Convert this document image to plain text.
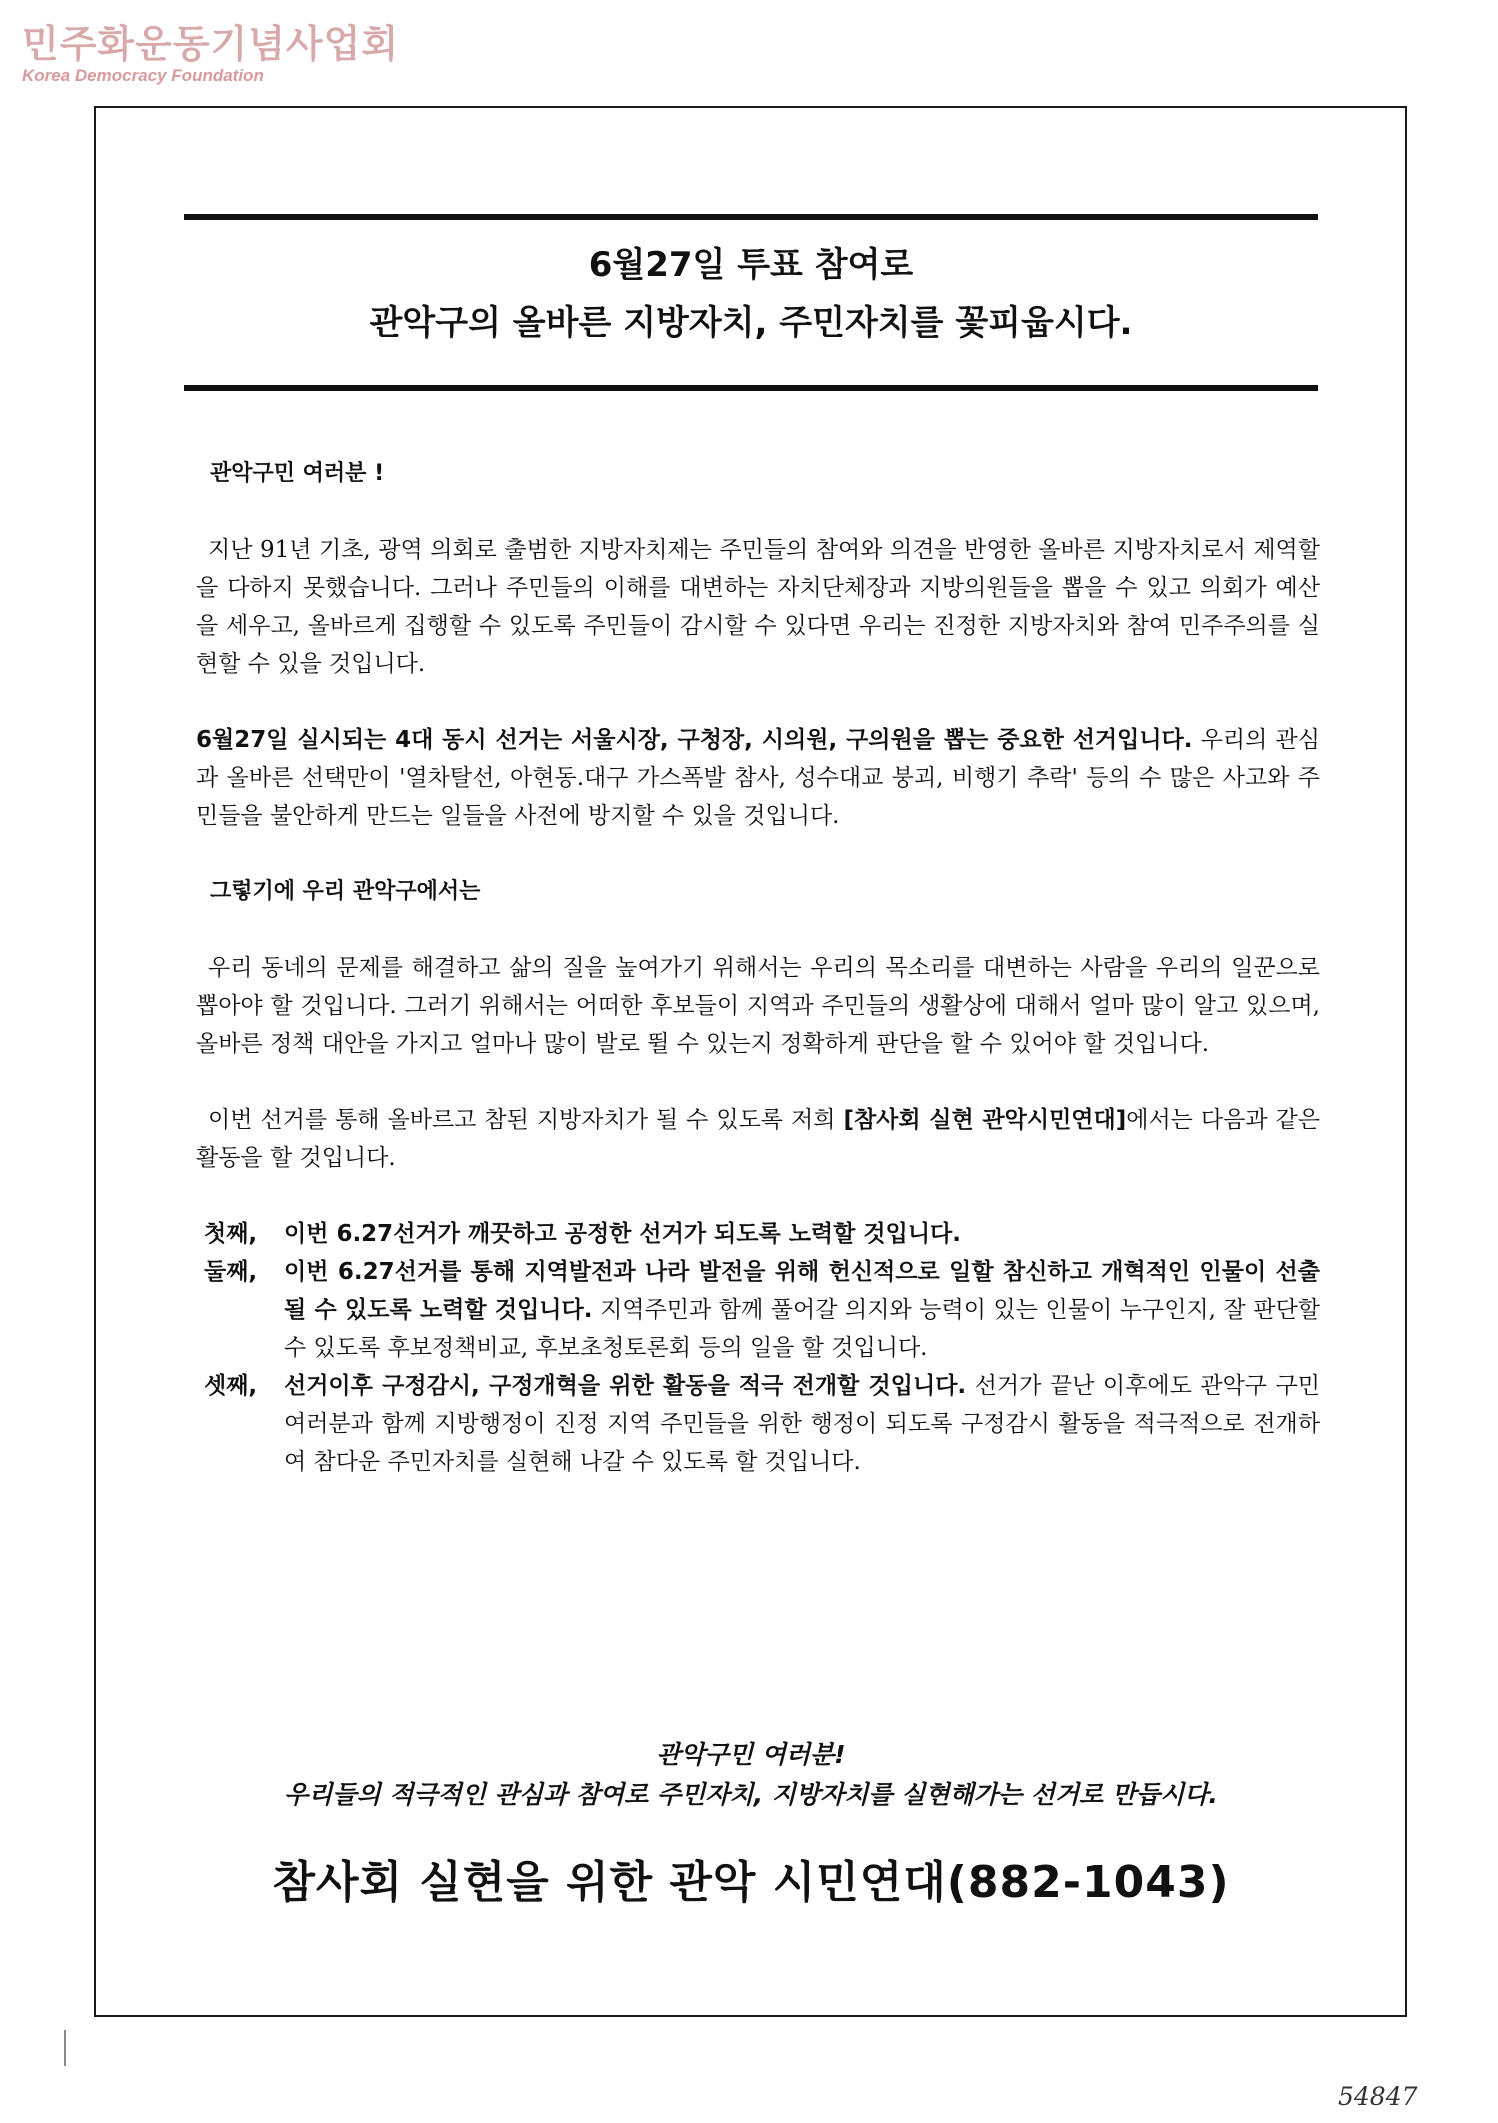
민주화운동기념사업회
Korea Democracy Foundation
6월27일 투표 참여로
관악구의 올바른 지방자치, 주민자치를 꽃피웁시다.

관악구민 여러분 !

지난 91년 기초, 광역 의회로 출범한 지방자치제는 주민들의 참여와 의견을 반영한 올바른 지방자치로서 제역할을 다하지 못했습니다. 그러나 주민들의 이해를 대변하는 자치단체장과 지방의원들을 뽑을 수 있고 의회가 예산을 세우고, 올바르게 집행할 수 있도록 주민들이 감시할 수 있다면 우리는 진정한 지방자치와 참여 민주주의를 실현할 수 있을 것입니다.

6월27일 실시되는 4대 동시 선거는 서울시장, 구청장, 시의원, 구의원을 뽑는 중요한 선거입니다. 우리의 관심과 올바른 선택만이 '열차탈선, 아현동.대구 가스폭발 참사, 성수대교 붕괴, 비행기 추락' 등의 수 많은 사고와 주민들을 불안하게 만드는 일들을 사전에 방지할 수 있을 것입니다.

그렇기에 우리 관악구에서는

우리 동네의 문제를 해결하고 삶의 질을 높여가기 위해서는 우리의 목소리를 대변하는 사람을 우리의 일꾼으로 뽑아야 할 것입니다. 그러기 위해서는 어떠한 후보들이 지역과 주민들의 생활상에 대해서 얼마 많이 알고 있으며, 올바른 정책 대안을 가지고 얼마나 많이 발로 뛸 수 있는지 정확하게 판단을 할 수 있어야 할 것입니다.

이번 선거를 통해 올바르고 참된 지방자치가 될 수 있도록 저희 [참사회 실현 관악시민연대]에서는 다음과 같은 활동을 할 것입니다.

첫째,	이번 6.27선거가 깨끗하고 공정한 선거가 되도록 노력할 것입니다.
둘째,	이번 6.27선거를 통해 지역발전과 나라 발전을 위해 헌신적으로 일할 참신하고 개혁적인 인물이 선출될 수 있도록 노력할 것입니다. 지역주민과 함께 풀어갈 의지와 능력이 있는 인물이 누구인지, 잘 판단할 수 있도록 후보정책비교, 후보초청토론회 등의 일을 할 것입니다.
셋째,	선거이후 구정감시, 구정개혁을 위한 활동을 적극 전개할 것입니다. 선거가 끝난 이후에도 관악구 구민 여러분과 함께 지방행정이 진정 지역 주민들을 위한 행정이 되도록 구정감시 활동을 적극적으로 전개하여 참다운 주민자치를 실현해 나갈 수 있도록 할 것입니다.
관악구민 여러분!
우리들의 적극적인 관심과 참여로 주민자치, 지방자치를 실현해가는 선거로 만듭시다.
참사회 실현을 위한 관악 시민연대(882-1043)
54847
